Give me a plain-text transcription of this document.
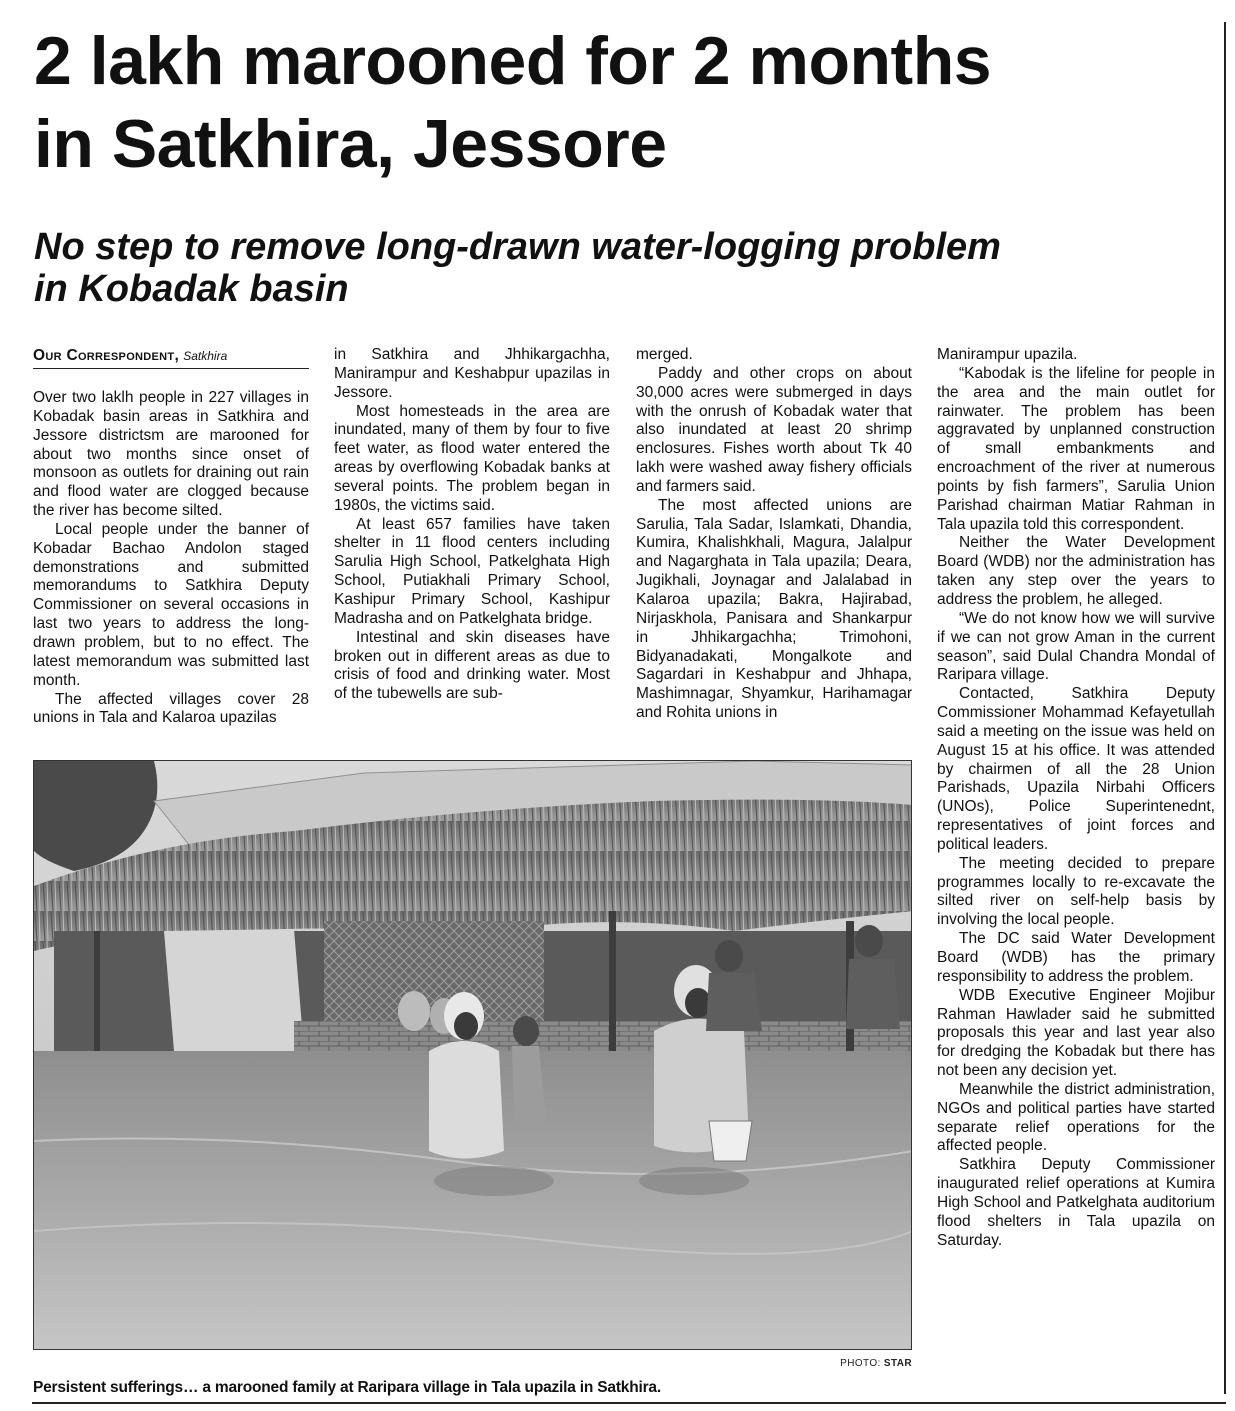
2 lakh marooned for 2 months
in Satkhira, Jessore
No step to remove long-drawn water-logging problem
in Kobadak basin

Our Correspondent, Satkhira

Over two laklh people in 227 villages in Kobadak basin areas in Satkhira and Jessore districtsm are marooned for about two months since onset of monsoon as outlets for draining out rain and flood water are clogged because the river has become silted.

Local people under the banner of Kobadar Bachao Andolon staged demonstrations and submitted memorandums to Satkhira Deputy Commissioner on several occasions in last two years to address the long-drawn problem, but to no effect. The latest memorandum was submitted last month.

The affected villages cover 28 unions in Tala and Kalaroa upazilas

in Satkhira and Jhhikargachha, Manirampur and Keshabpur upazilas in Jessore.

Most homesteads in the area are inundated, many of them by four to five feet water, as flood water entered the areas by overflowing Kobadak banks at several points. The problem began in 1980s, the victims said.

At least 657 families have taken shelter in 11 flood centers including Sarulia High School, Patkelghata High School, Putiakhali Primary School, Kashipur Primary School, Kashipur Madrasha and on Patkelghata bridge.

Intestinal and skin diseases have broken out in different areas as due to crisis of food and drinking water. Most of the tubewells are sub-

merged.

Paddy and other crops on about 30,000 acres were submerged in days with the onrush of Kobadak water that also inundated at least 20 shrimp enclosures. Fishes worth about Tk 40 lakh were washed away fishery officials and farmers said.

The most affected unions are Sarulia, Tala Sadar, Islamkati, Dhandia, Kumira, Khalishkhali, Magura, Jalalpur and Nagarghata in Tala upazila; Deara, Jugikhali, Joynagar and Jalalabad in Kalaroa upazila; Bakra, Hajirabad, Nirjaskhola, Panisara and Shankarpur in Jhhikargachha; Trimohoni, Bidyanadakati, Mongalkote and Sagardari in Keshabpur and Jhhapa, Mashimnagar, Shyamkur, Harihamagar and Rohita unions in

Manirampur upazila.

“Kabodak is the lifeline for people in the area and the main outlet for rainwater. The problem has been aggravated by unplanned construction of small embankments and encroachment of the river at numerous points by fish farmers”, Sarulia Union Parishad chairman Matiar Rahman in Tala upazila told this correspondent.

Neither the Water Development Board (WDB) nor the administration has taken any step over the years to address the problem, he alleged.

“We do not know how we will survive if we can not grow Aman in the current season”, said Dulal Chandra Mondal of Raripara village.

Contacted, Satkhira Deputy Commissioner Mohammad Kefayetullah said a meeting on the issue was held on August 15 at his office. It was attended by chairmen of all the 28 Union Parishads, Upazila Nirbahi Officers (UNOs), Police Superintenednt, representatives of joint forces and political leaders.

The meeting decided to prepare programmes locally to re-excavate the silted river on self-help basis by involving the local people.

The DC said Water Development Board (WDB) has the primary responsibility to address the problem.

WDB Executive Engineer Mojibur Rahman Hawlader said he submitted proposals this year and last year also for dredging the Kobadak but there has not been any decision yet.

Meanwhile the district administration, NGOs and political parties have started separate relief operations for the affected people.

Satkhira Deputy Commissioner inaugurated relief operations at Kumira High School and Patkelghata auditorium flood shelters in Tala upazila on Saturday.

PHOTO: STAR
Persistent sufferings… a marooned family at Raripara village in Tala upazila in Satkhira.
